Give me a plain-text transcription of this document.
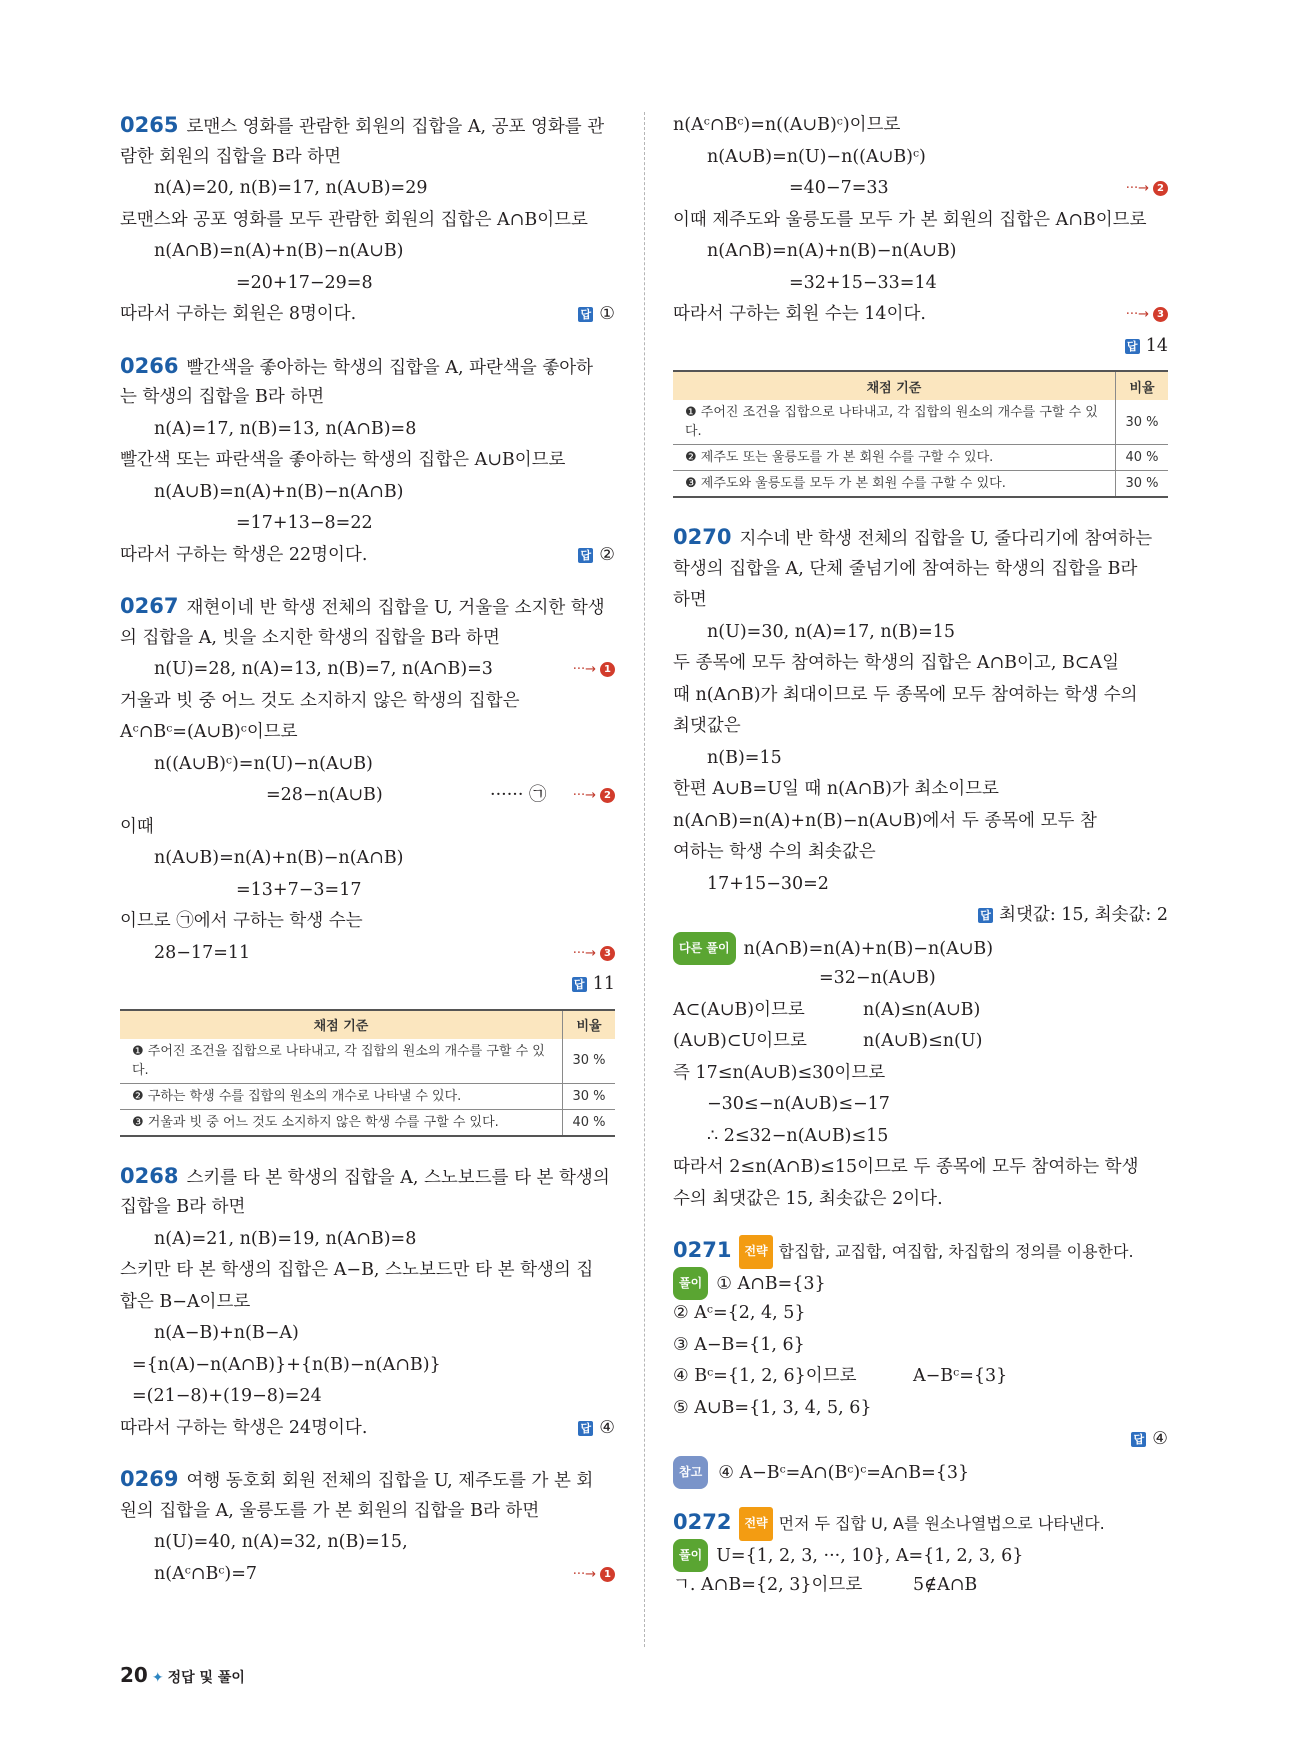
0265 로맨스 영화를 관람한 회원의 집합을 A, 공포 영화를 관
람한 회원의 집합을 B라 하면
n(A)=20, n(B)=17, n(A∪B)=29
로맨스와 공포 영화를 모두 관람한 회원의 집합은 A∩B이므로
n(A∩B)=n(A)+n(B)−n(A∪B)
=20+17−29=8
따라서 구하는 회원은 8명이다.	답 ①
0266 빨간색을 좋아하는 학생의 집합을 A, 파란색을 좋아하
는 학생의 집합을 B라 하면
n(A)=17, n(B)=13, n(A∩B)=8
빨간색 또는 파란색을 좋아하는 학생의 집합은 A∪B이므로
n(A∪B)=n(A)+n(B)−n(A∩B)
=17+13−8=22
따라서 구하는 학생은 22명이다.	답 ②
0267 재현이네 반 학생 전체의 집합을 U, 거울을 소지한 학생
의 집합을 A, 빗을 소지한 학생의 집합을 B라 하면
n(U)=28, n(A)=13, n(B)=7, n(A∩B)=3	···→ 1
거울과 빗 중 어느 것도 소지하지 않은 학생의 집합은
Aᶜ∩Bᶜ=(A∪B)ᶜ이므로
n((A∪B)ᶜ)=n(U)−n(A∪B)
=28−n(A∪B)	······ ㉠ ···→ 2
이때
n(A∪B)=n(A)+n(B)−n(A∩B)
=13+7−3=17
이므로 ㉠에서 구하는 학생 수는
28−17=11	···→ 3
답 11
채점 기준	비율
❶ 주어진 조건을 집합으로 나타내고, 각 집합의 원소의 개수를 구할 수 있다.	30 %
❷ 구하는 학생 수를 집합의 원소의 개수로 나타낼 수 있다.	30 %
❸ 거울과 빗 중 어느 것도 소지하지 않은 학생 수를 구할 수 있다.	40 %
0268 스키를 타 본 학생의 집합을 A, 스노보드를 타 본 학생의
집합을 B라 하면
n(A)=21, n(B)=19, n(A∩B)=8
스키만 타 본 학생의 집합은 A−B, 스노보드만 타 본 학생의 집
합은 B−A이므로
n(A−B)+n(B−A)
={n(A)−n(A∩B)}+{n(B)−n(A∩B)}
=(21−8)+(19−8)=24
따라서 구하는 학생은 24명이다.	답 ④
0269 여행 동호회 회원 전체의 집합을 U, 제주도를 가 본 회
원의 집합을 A, 울릉도를 가 본 회원의 집합을 B라 하면
n(U)=40, n(A)=32, n(B)=15,
n(Aᶜ∩Bᶜ)=7	···→ 1
n(Aᶜ∩Bᶜ)=n((A∪B)ᶜ)이므로
n(A∪B)=n(U)−n((A∪B)ᶜ)
=40−7=33	···→ 2
이때 제주도와 울릉도를 모두 가 본 회원의 집합은 A∩B이므로
n(A∩B)=n(A)+n(B)−n(A∪B)
=32+15−33=14
따라서 구하는 회원 수는 14이다.	···→ 3
답 14
채점 기준	비율
❶ 주어진 조건을 집합으로 나타내고, 각 집합의 원소의 개수를 구할 수 있다.	30 %
❷ 제주도 또는 울릉도를 가 본 회원 수를 구할 수 있다.	40 %
❸ 제주도와 울릉도를 모두 가 본 회원 수를 구할 수 있다.	30 %
0270 지수네 반 학생 전체의 집합을 U, 줄다리기에 참여하는
학생의 집합을 A, 단체 줄넘기에 참여하는 학생의 집합을 B라
하면
n(U)=30, n(A)=17, n(B)=15
두 종목에 모두 참여하는 학생의 집합은 A∩B이고, B⊂A일
때 n(A∩B)가 최대이므로 두 종목에 모두 참여하는 학생 수의
최댓값은
n(B)=15
한편 A∪B=U일 때 n(A∩B)가 최소이므로
n(A∩B)=n(A)+n(B)−n(A∪B)에서 두 종목에 모두 참
여하는 학생 수의 최솟값은
17+15−30=2
답 최댓값: 15, 최솟값: 2
다른 풀이 n(A∩B)=n(A)+n(B)−n(A∪B)
=32−n(A∪B)
A⊂(A∪B)이므로	n(A)≤n(A∪B)
(A∪B)⊂U이므로	n(A∪B)≤n(U)
즉 17≤n(A∪B)≤30이므로
−30≤−n(A∪B)≤−17
∴ 2≤32−n(A∪B)≤15
따라서 2≤n(A∩B)≤15이므로 두 종목에 모두 참여하는 학생
수의 최댓값은 15, 최솟값은 2이다.
0271 전략 합집합, 교집합, 여집합, 차집합의 정의를 이용한다.
풀이 ① A∩B={3}
② Aᶜ={2, 4, 5}
③ A−B={1, 6}
④ Bᶜ={1, 2, 6}이므로	A−Bᶜ={3}
⑤ A∪B={1, 3, 4, 5, 6}
답 ④
참고 ④ A−Bᶜ=A∩(Bᶜ)ᶜ=A∩B={3}
0272 전략 먼저 두 집합 U, A를 원소나열법으로 나타낸다.
풀이 U={1, 2, 3, ···, 10}, A={1, 2, 3, 6}
ㄱ. A∩B={2, 3}이므로	5∉A∩B
20 ✦ 정답 및 풀이
